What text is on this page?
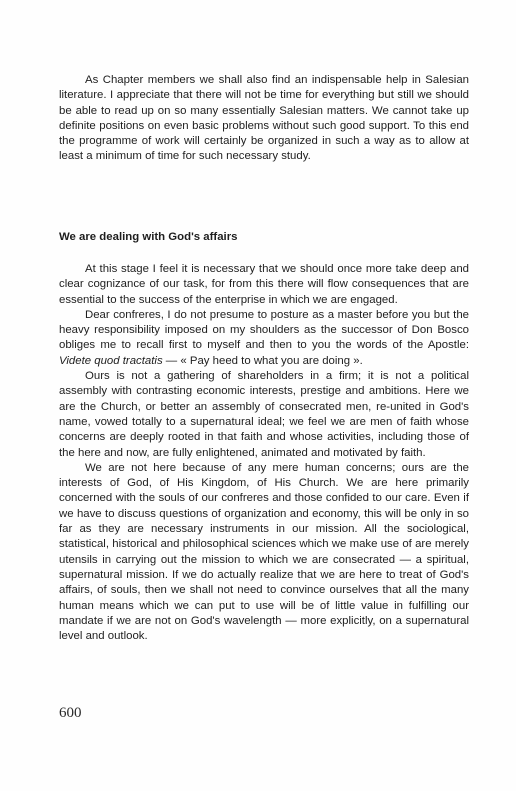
As Chapter members we shall also find an indispensable help in Salesian literature. I appreciate that there will not be time for everything but still we should be able to read up on so many essentially Salesian matters. We cannot take up definite positions on even basic problems without such good support. To this end the programme of work will certainly be organized in such a way as to allow at least a minimum of time for such necessary study.

We are dealing with God's affairs

At this stage I feel it is necessary that we should once more take deep and clear cognizance of our task, for from this there will flow consequences that are essential to the success of the enterprise in which we are engaged.

Dear confreres, I do not presume to posture as a master before you but the heavy responsibility imposed on my shoulders as the successor of Don Bosco obliges me to recall first to myself and then to you the words of the Apostle: Videte quod tractatis — « Pay heed to what you are doing ».

Ours is not a gathering of shareholders in a firm; it is not a political assembly with contrasting economic interests, prestige and ambitions. Here we are the Church, or better an assembly of consecrated men, re-united in God's name, vowed totally to a supernatural ideal; we feel we are men of faith whose concerns are deeply rooted in that faith and whose activities, including those of the here and now, are fully enlightened, animated and motivated by faith.

We are not here because of any mere human concerns; ours are the interests of God, of His Kingdom, of His Church. We are here primarily concerned with the souls of our confreres and those confided to our care. Even if we have to discuss questions of organization and economy, this will be only in so far as they are necessary instruments in our mission. All the sociological, statistical, historical and philosophical sciences which we make use of are merely utensils in carrying out the mission to which we are consecrated — a spiritual, supernatural mission. If we do actually realize that we are here to treat of God's affairs, of souls, then we shall not need to convince ourselves that all the many human means which we can put to use will be of little value in fulfilling our mandate if we are not on God's wavelength — more explicitly, on a supernatural level and outlook.

600
